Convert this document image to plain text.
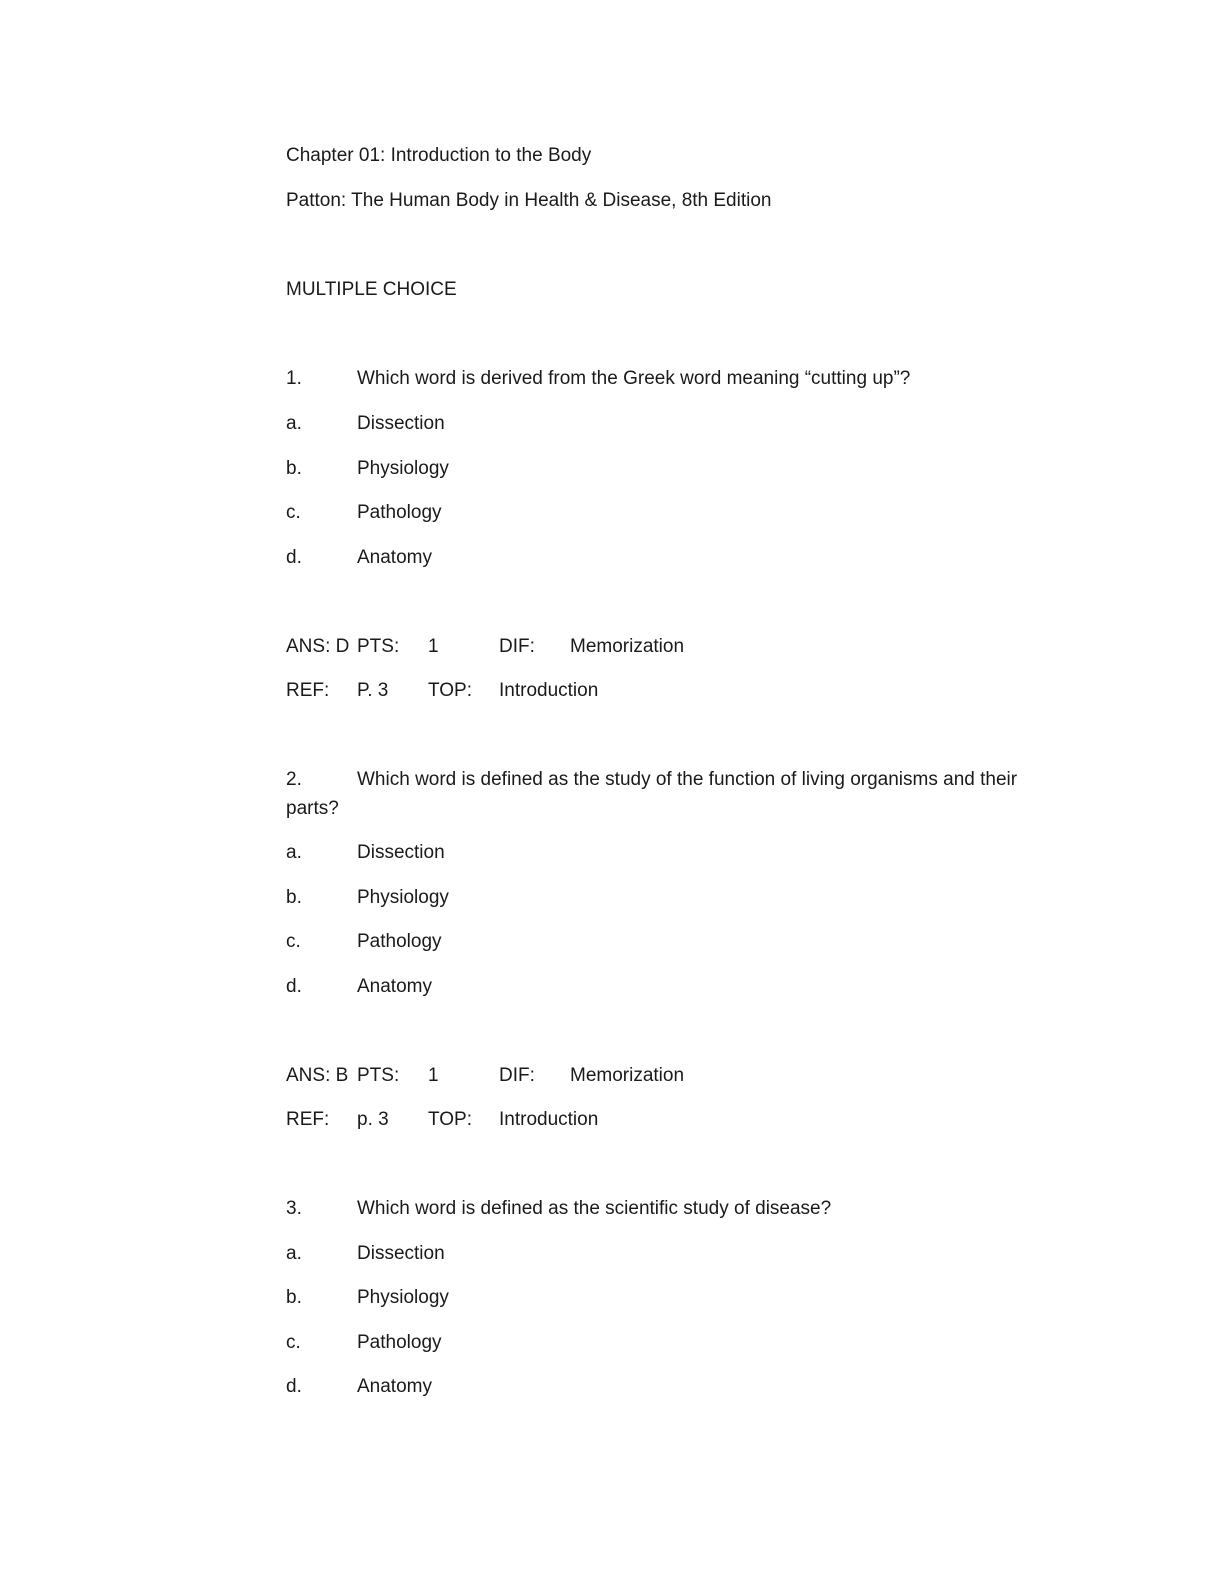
Chapter 01: Introduction to the Body
Patton: The Human Body in Health & Disease, 8th Edition
MULTIPLE CHOICE
1.	Which word is derived from the Greek word meaning “cutting up”?
a.	Dissection
b.	Physiology
c.	Pathology
d.	Anatomy
ANS: D PTS: 1	DIF: Memorization
REF: P. 3 TOP: Introduction
2.	Which word is defined as the study of the function of living organisms and their
parts?
a.	Dissection
b.	Physiology
c.	Pathology
d.	Anatomy
ANS: B PTS: 1	DIF: Memorization
REF: p. 3 TOP: Introduction
3.	Which word is defined as the scientific study of disease?
a.	Dissection
b.	Physiology
c.	Pathology
d.	Anatomy
